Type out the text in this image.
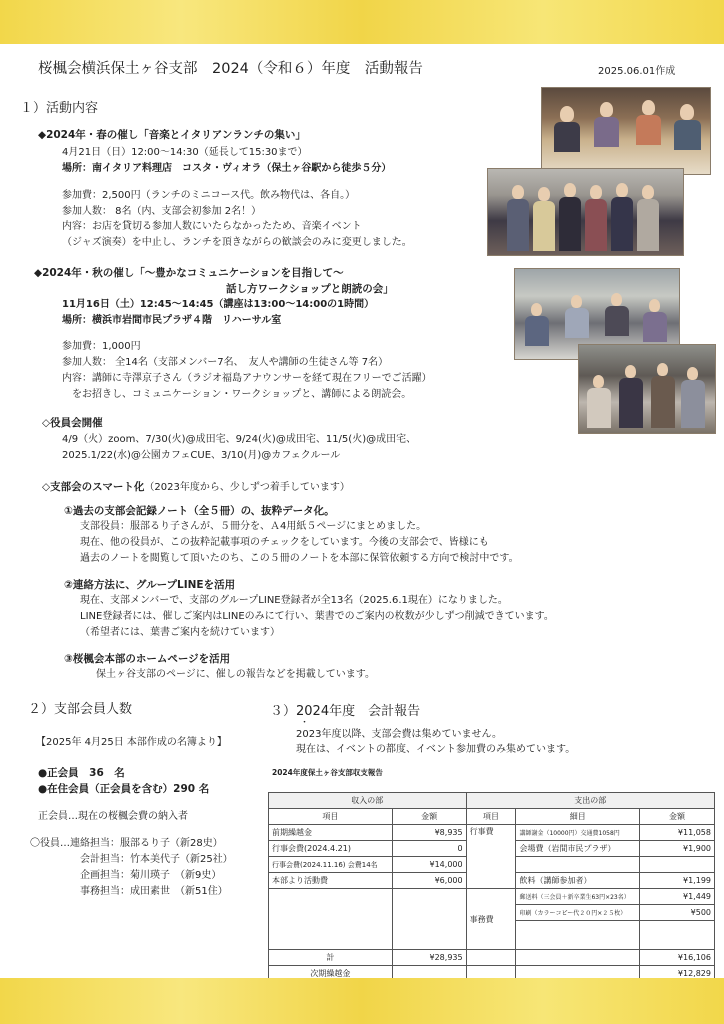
桜楓会横浜保土ヶ谷支部　2024（令和６）年度　活動報告	2025.06.01作成
１）活動内容
◆2024年・春の催し「音楽とイタリアンランチの集い」
4月21日（日）12:00～14:30（延長して15:30まで）
場所：南イタリア料理店　コスタ・ヴィオラ（保土ヶ谷駅から徒歩５分）
参加費：2,500円（ランチのミニコース代。飲み物代は、各自。）
参加人数： 8名（内、支部会初参加 2名！）
内容：お店を貸切る参加人数にいたらなかったため、音楽イベント
（ジャズ演奏）を中止し、ランチを頂きながらの歓談会のみに変更しました。
◆2024年・秋の催し「～豊かなコミュニケーションを目指して～
話し方ワークショップと朗読の会」
11月16日（土）12:45～14:45（講座は13:00～14:00の1時間）
場所：横浜市岩間市民プラザ４階　リハーサル室
参加費：1,000円
参加人数： 全14名（支部メンバー7名、　友人や講師の生徒さん等 7名）
内容：講師に寺澤京子さん（ラジオ福島アナウンサーを経て現在フリーでご活躍）
　をお招きし、コミュニケーション・ワークショップと、講師による朗読会。
◇役員会開催
4/9（火）zoom、7/30(火)@成田宅、9/24(火)@成田宅、11/5(火)@成田宅、
2025.1/22(水)@公園カフェCUE、3/10(月)@カフェクルール
◇支部会のスマート化（2023年度から、少しずつ着手しています）
①過去の支部会記録ノート（全５冊）の、抜粋データ化。
支部役員：服部るり子さんが、５冊分を、Ａ4用紙５ページにまとめました。
現在、他の役員が、この抜粋記載事項のチェックをしています。今後の支部会で、皆様にも
過去のノートを閲覧して頂いたのち、この５冊のノートを本部に保管依頼する方向で検討中です。
②連絡方法に、グループLINEを活用
現在、支部メンバーで、支部のグループLINE登録者が全13名（2025.6.1現在）になりました。
LINE登録者には、催しご案内はLINEのみにて行い、葉書でのご案内の枚数が少しずつ削減できています。
（希望者には、葉書ご案内を続けています）
③桜楓会本部のホームページを活用
保土ヶ谷支部のページに、催しの報告などを掲載しています。
２）支部会員人数
【2025年 4月25日 本部作成の名簿より】
●正会員　36　名
●在住会員（正会員を含む）290 名
正会員…現在の桜楓会費の納入者
〇役員…連絡担当：服部るり子（新28史）
会計担当：竹本美代子（新25社）
企画担当：菊川瑛子　（新9史）
事務担当：成田素世　（新51住）
３）2024年度　会計報告
・
2023年度以降、支部会費は集めていません。
現在は、イベントの都度、イベント参加費のみ集めています。
2024年度保土ヶ谷支部収支報告
収入の部		支出の部		
項目	金額	項目	細目	金額
前期繰越金	¥8,935	行事費	講師謝金（10000円）交通費1058円	¥11,058
行事会費(2024.4.21)	0		会場費（岩間市民プラザ）	¥1,900
行事会費(2024.11.16) 会費14名	¥14,000			
本部より活動費	¥6,000		飲料（講師参加者）	¥1,199
		事務費	郵送料（三会員＋新卒業生63円×23名）	¥1,449
			印刷（カラーコピー代２０円×２５枚）	¥500

計	¥28,935			¥16,106
次期繰越金				¥12,829
